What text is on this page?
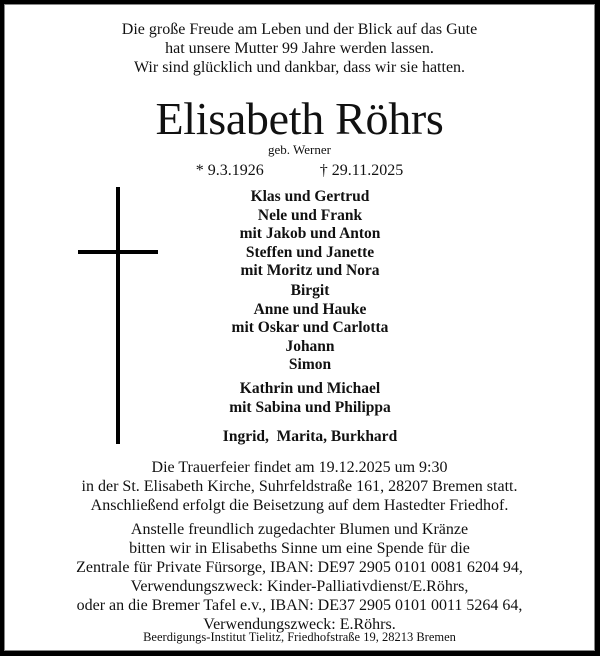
Die große Freude am Leben und der Blick auf das Gute
hat unsere Mutter 99 Jahre werden lassen.
Wir sind glücklich und dankbar, dass wir sie hatten.
Elisabeth Röhrs
geb. Werner
* 9.3.1926	† 29.11.2025
Klas und Gertrud
Nele und Frank
mit Jakob und Anton
Steffen und Janette
mit Moritz und Nora
Birgit
Anne und Hauke
mit Oskar und Carlotta
Johann
Simon
Kathrin und Michael
mit Sabina und Philippa
Ingrid,  Marita, Burkhard
Die Trauerfeier findet am 19.12.2025 um 9:30
in der St. Elisabeth Kirche, Suhrfeldstraße 161, 28207 Bremen statt.
Anschließend erfolgt die Beisetzung auf dem Hastedter Friedhof.
Anstelle freundlich zugedachter Blumen und Kränze
bitten wir in Elisabeths Sinne um eine Spende für die
Zentrale für Private Fürsorge, IBAN: DE97 2905 0101 0081 6204 94,
Verwendungszweck: Kinder-Palliativdienst/E.Röhrs,
oder an die Bremer Tafel e.v., IBAN: DE37 2905 0101 0011 5264 64,
Verwendungszweck: E.Röhrs.
Beerdigungs-Institut Tielitz, Friedhofstraße 19, 28213 Bremen
